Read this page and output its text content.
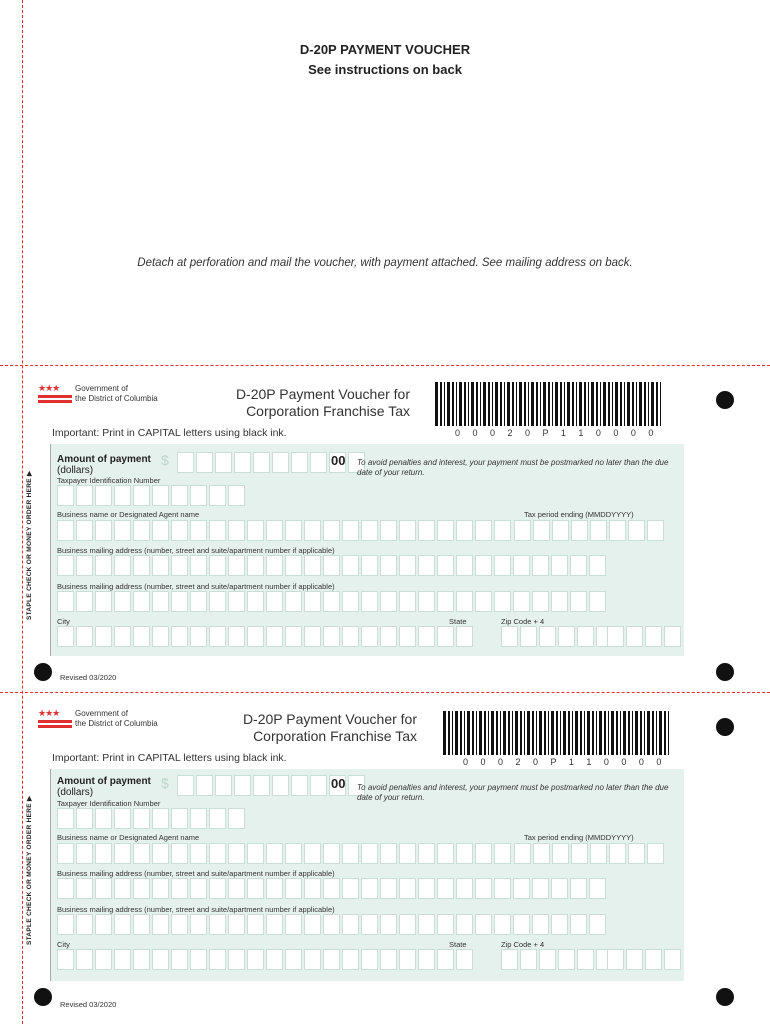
D-20P PAYMENT VOUCHER
See instructions on back
Detach at perforation and mail the voucher, with payment attached. See mailing address on back.
★★★	Government of
the District of Columbia	D-20P Payment Voucher for
Corporation Franchise Tax
0 0 0 2 0 P 1 1 0 0 0 0
Important: Print in CAPITAL letters using black ink.
Amount of payment
(dollars)
$	00 To avoid penalties and interest, your payment must be postmarked no later than the due date of your return.
Taxpayer Identification Number
Business name or Designated Agent name	Tax period ending (MMDDYYYY)
Business mailing address (number, street and suite/apartment number if applicable)
Business mailing address (number, street and suite/apartment number if applicable)
City	State	Zip Code + 4
STAPLE CHECK OR MONEY ORDER HERE ▶
Revised 03/2020
★★★	Government of
the District of Columbia	D-20P Payment Voucher for
Corporation Franchise Tax
0 0 0 2 0 P 1 1 0 0 0 0
Important: Print in CAPITAL letters using black ink.
Amount of payment
(dollars)
$	00 To avoid penalties and interest, your payment must be postmarked no later than the due date of your return.
Taxpayer Identification Number
Business name or Designated Agent name	Tax period ending (MMDDYYYY)
Business mailing address (number, street and suite/apartment number if applicable)
Business mailing address (number, street and suite/apartment number if applicable)
City	State	Zip Code + 4
STAPLE CHECK OR MONEY ORDER HERE ▶
Revised 03/2020
